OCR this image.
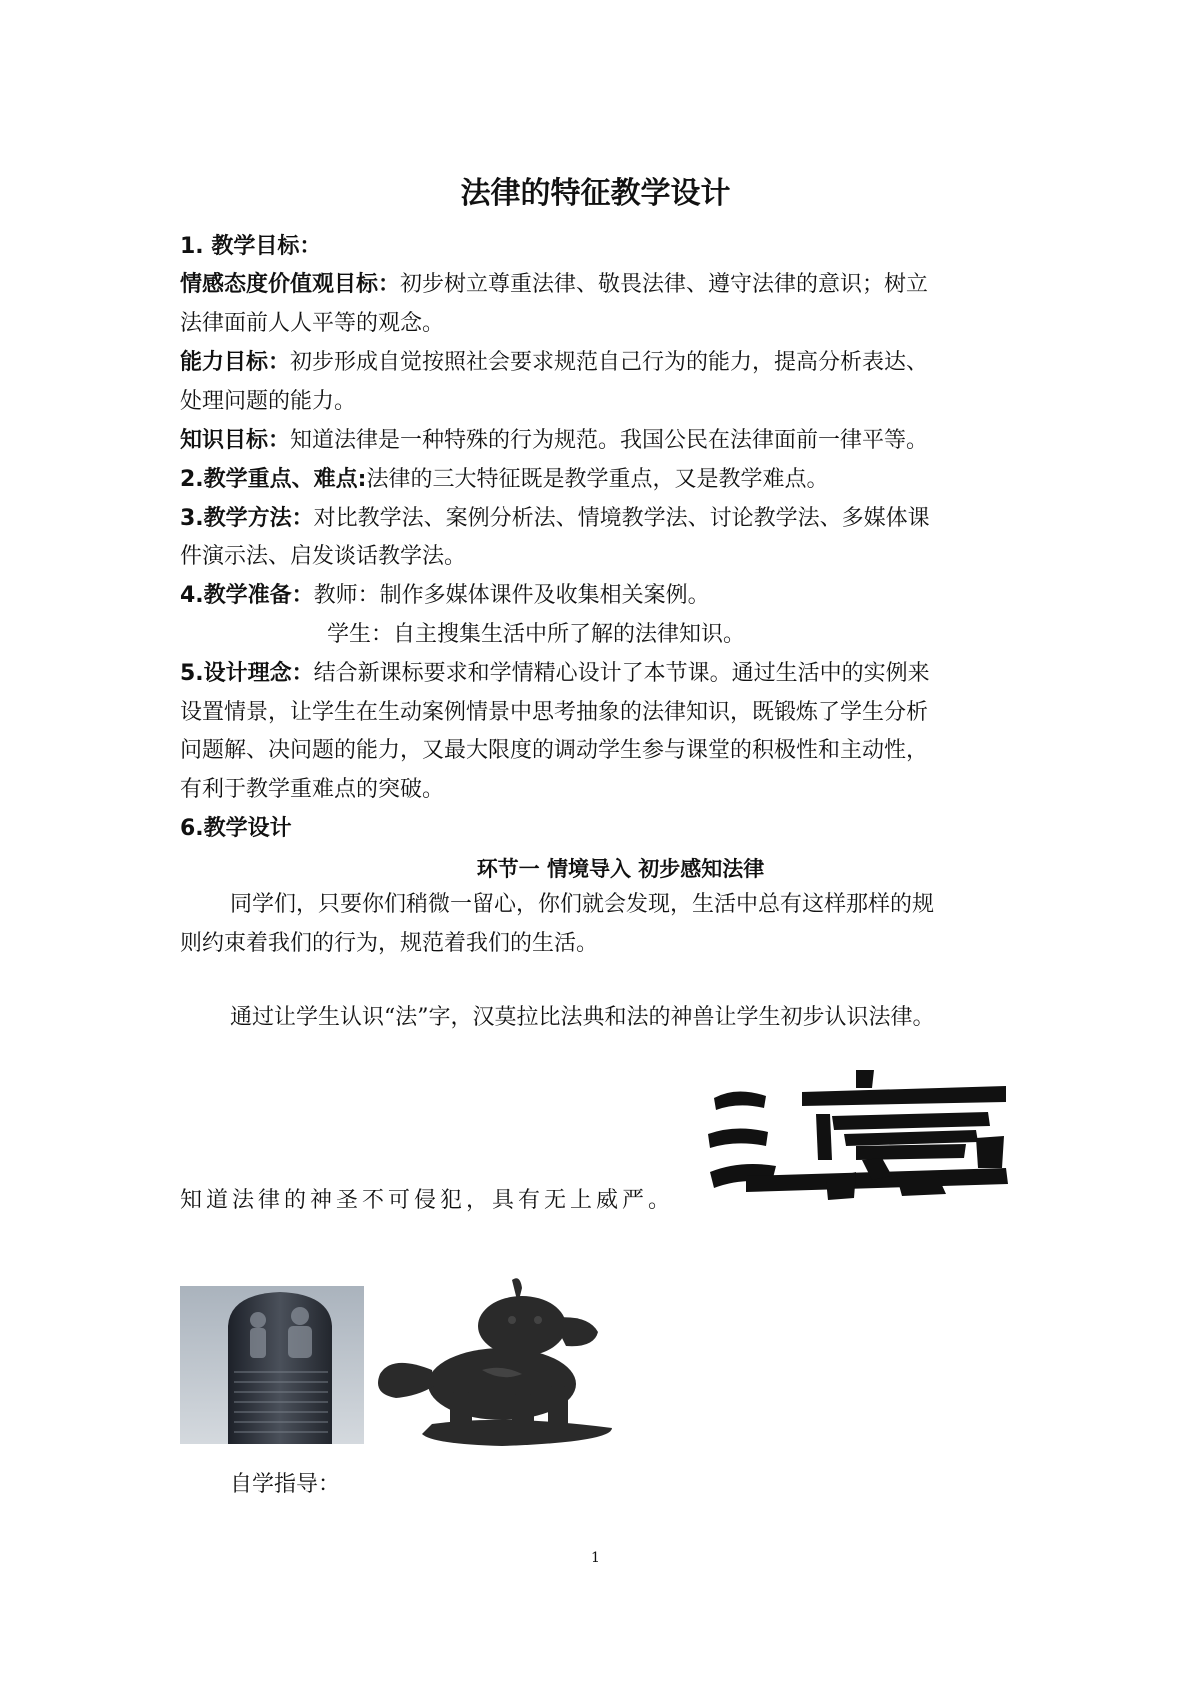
法律的特征教学设计
1. 教学目标：
情感态度价值观目标：初步树立尊重法律、敬畏法律、遵守法律的意识；树立
法律面前人人平等的观念。
能力目标：初步形成自觉按照社会要求规范自己行为的能力，提高分析表达、
处理问题的能力。
知识目标：知道法律是一种特殊的行为规范。我国公民在法律面前一律平等。
2.教学重点、难点:法律的三大特征既是教学重点，又是教学难点。
3.教学方法：对比教学法、案例分析法、情境教学法、讨论教学法、多媒体课
件演示法、启发谈话教学法。
4.教学准备：教师：制作多媒体课件及收集相关案例。
学生：自主搜集生活中所了解的法律知识。
5.设计理念：结合新课标要求和学情精心设计了本节课。通过生活中的实例来
设置情景，让学生在生动案例情景中思考抽象的法律知识，既锻炼了学生分析
问题解、决问题的能力，又最大限度的调动学生参与课堂的积极性和主动性，
有利于教学重难点的突破。
6.教学设计
环节一 情境导入 初步感知法律
同学们，只要你们稍微一留心，你们就会发现，生活中总有这样那样的规
则约束着我们的行为，规范着我们的生活。
通过让学生认识“法”字，汉莫拉比法典和法的神兽让学生初步认识法律。
知道法律的神圣不可侵犯，具有无上威严。
自学指导：
1
